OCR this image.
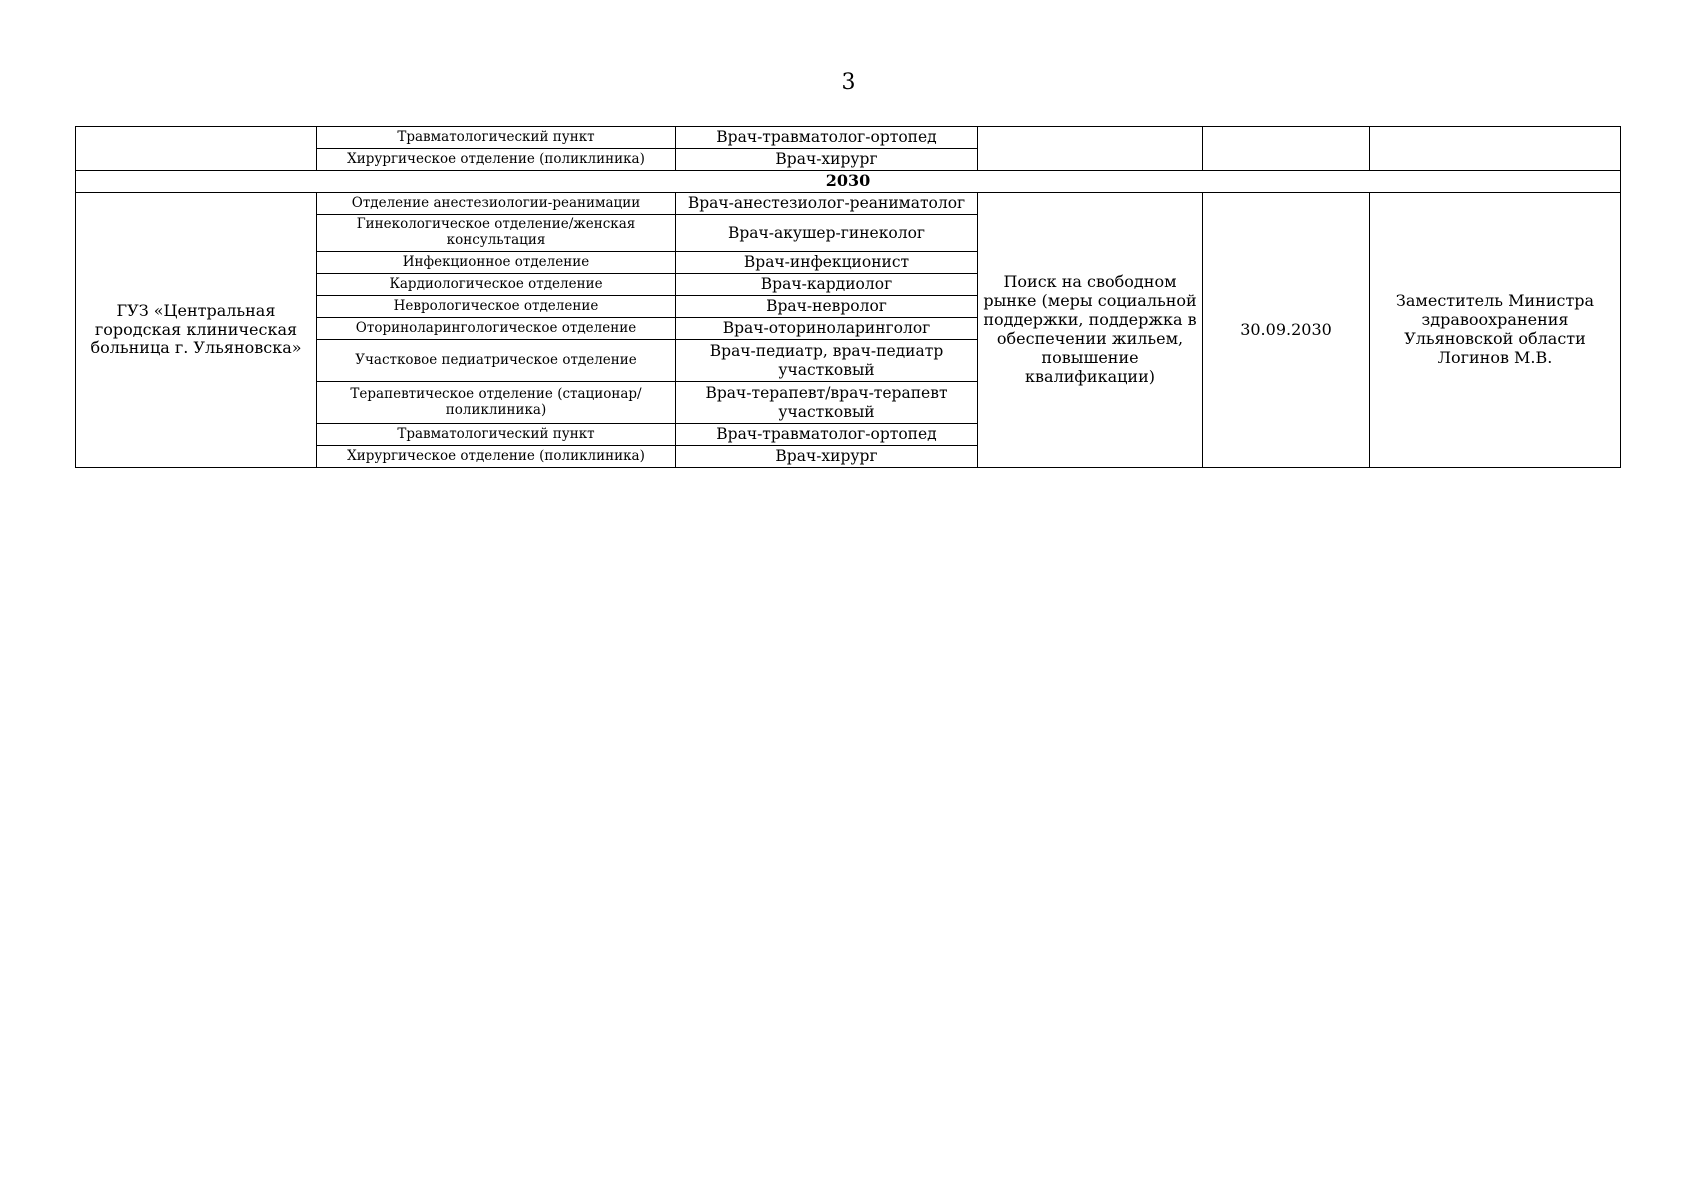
3
	Травматологический пункт	Врач-травматолог-ортопед			
	Хирургическое отделение (поликлиника)	Врач-хирург			
2030					
ГУЗ «Центральная городская клиническая больница г. Ульяновска»	Отделение анестезиологии-реанимации	Врач-анестезиолог-реаниматолог	Поиск на свободном рынке (меры социальной поддержки, поддержка в обеспечении жильем, повышение квалификации)	30.09.2030	Заместитель Министра здравоохранения Ульяновской области Логинов М.В.
	Гинекологическое отделение/женская консультация	Врач-акушер-гинеколог			
	Инфекционное отделение	Врач-инфекционист			
	Кардиологическое отделение	Врач-кардиолог			
	Неврологическое отделение	Врач-невролог			
	Оториноларингологическое отделение	Врач-оториноларинголог			
	Участковое педиатрическое отделение	Врач-педиатр, врач-педиатр участковый			
	Терапевтическое отделение (стационар/поликлиника)	Врач-терапевт/врач-терапевт участковый			
	Травматологический пункт	Врач-травматолог-ортопед			
	Хирургическое отделение (поликлиника)	Врач-хирург			
